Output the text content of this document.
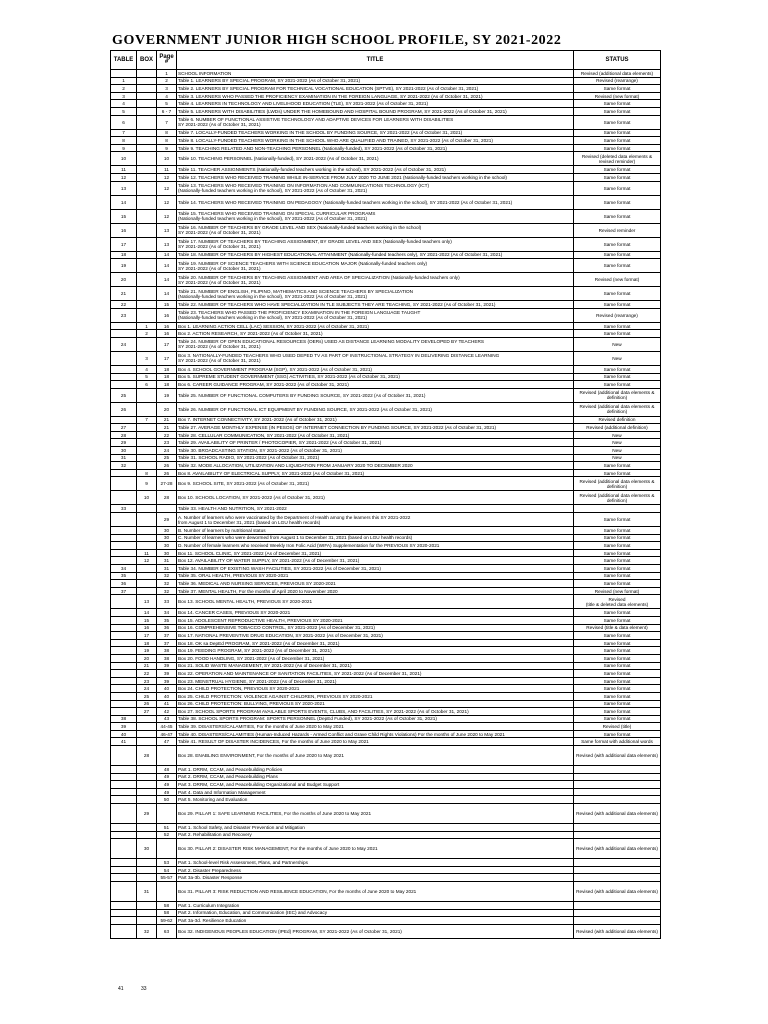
GOVERNMENT JUNIOR HIGH SCHOOL PROFILE, SY 2021-2022
TABLE	BOX	Page #	TITLE	STATUS
		1	SCHOOL INFORMATION	Revised (additional data elements)
1		2	Table 1. LEARNERS BY SPECIAL PROGRAM, SY 2021-2022 (As of October 31, 2021)	Revised (rearrange)
2		3	Table 2. LEARNERS BY SPECIAL PROGRAM FOR TECHNICAL VOCATIONAL EDUCATION (SPTVE), SY 2021-2022 (As of October 31, 2021)	Same format
3		4	Table 3. LEARNERS WHO PASSED THE PROFICIENCY EXAMINATION IN THE FOREIGN LANGUAGE, SY 2021-2022 (As of October 31, 2021)	Revised (new format)
4		5	Table 4. LEARNERS IN TECHNOLOGY AND LIVELIHOOD EDUCATION (TLE), SY 2021-2022 (As of October 31, 2021)	Same format
5		6 - 7	Table 5. LEARNERS WITH DISABILITIES (LWDs) UNDER THE HOMEBOUND AND HOSPITAL BOUND PROGRAM, SY 2021-2022 (As of October 31, 2021)	Same format
6		7	Table 6. NUMBER OF FUNCTIONAL ASSISTIVE TECHNOLOGY AND ADAPTIVE DEVICES FOR LEARNERS WITH DISABILITIES
SY 2021-2022 (As of October 31, 2021)	Same format
7		8	Table 7. LOCALLY-FUNDED TEACHERS WORKING IN THE SCHOOL BY FUNDING SOURCE, SY 2021-2022 (As of October 31, 2021)	Same format
8		8	Table 8. LOCALLY-FUNDED TEACHERS WORKING IN THE SCHOOL WHO ARE QUALIFIED AND TRAINED, SY 2021-2022 (As of October 31, 2021)	Same format
9		9	Table 9. TEACHING RELATED AND NON-TEACHING PERSONNEL (Nationally-funded), SY 2021-2022 (As of October 31, 2021)	Same format
10		10	Table 10. TEACHING PERSONNEL (Nationally-funded), SY 2021-2022 (As of October 31, 2021)	Revised (deleted data elements & revised reminder)
11		11	Table 11. TEACHER ASSIGNMENTS (Nationally-funded teachers working in the school), SY 2021-2022 (As of October 31, 2021)	Same format
12		12	Table 12. TEACHERS WHO RECEIVED TRAINING WHILE IN-SERVICE FROM JULY 2020 TO JUNE 2021 (Nationally-funded teachers working in the school)	Same format
13		12	Table 13. TEACHERS WHO RECEIVED TRAINING ON INFORMATION AND COMMUNICATIONS TECHNOLOGY (ICT)
(Nationally-funded teachers working in the school), SY 2021-2022 (As of October 31, 2021)	Same format
14		12	Table 14. TEACHERS WHO RECEIVED TRAINING ON PEDAGOGY (Nationally-funded teachers working in the school), SY 2021-2022 (As of October 31, 2021)	Same format
15		12	Table 15. TEACHERS WHO RECEIVED TRAINING ON SPECIAL CURRICULAR PROGRAMS
(Nationally-funded teachers working in the school), SY 2021-2022 (As of October 31, 2021)	Same format
16		13	Table 16. NUMBER OF TEACHERS BY GRADE LEVEL AND SEX (Nationally-funded teachers working in the school)
SY 2021-2022 (As of October 31, 2021)	Revised reminder
17		13	Table 17. NUMBER OF TEACHERS BY TEACHING ASSIGNMENT, BY GRADE LEVEL AND SEX (Nationally-funded teachers only)
SY 2021-2022 (As of October 31, 2021)	Same format
18		14	Table 18. NUMBER OF TEACHERS BY HIGHEST EDUCATIONAL ATTAINMENT (Nationally-funded teachers only), SY 2021-2022 (As of October 31, 2021)	Same format
19		14	Table 19. NUMBER OF SCIENCE TEACHERS WITH SCIENCE EDUCATION MAJOR (Nationally-funded teachers only)
SY 2021-2022 (As of October 31, 2021)	Same format
20		14	Table 20. NUMBER OF TEACHERS BY TEACHING ASSIGNMENT AND AREA OF SPECIALIZATION (Nationally-funded teachers only)
SY 2021-2022 (As of October 31, 2021)	Revised (new format)
21		14	Table 21. NUMBER OF ENGLISH, FILIPINO, MATHEMATICS AND SCIENCE TEACHERS BY SPECIALIZATION
(Nationally-funded teachers working in the school), SY 2021-2022 (As of October 31, 2021)	Same format
22		15	Table 22. NUMBER OF TEACHERS WHO HAVE SPECIALIZATION IN TLE SUBJECTS THEY ARE TEACHING, SY 2021-2022 (As of October 31, 2021)	Same format
23		16	Table 23. TEACHERS WHO PASSED THE PROFICIENCY EXAMINATION IN THE FOREIGN LANGUAGE TAUGHT
(Nationally-funded teachers working in the school), SY 2021-2022 (As of October 31, 2021)	Revised (rearrange)
	1	16	Box 1. LEARNING ACTION CELL (LAC) SESSION, SY 2021-2022 (As of October 31, 2021)	Same format
	2	16	Box 2. ACTION RESEARCH, SY 2021-2022 (As of October 31, 2021)	Same format
24		17	Table 24. NUMBER OF OPEN EDUCATIONAL RESOURCES (OERs) USED AS DISTANCE LEARNING MODALITY DEVELOPED BY TEACHERS
SY 2021-2022 (As of October 31, 2021)	New
	3	17	Box 3. NATIONALLY-FUNDED TEACHERS WHO USED DEPED TV AS PART OF INSTRUCTIONAL STRATEGY IN DELIVERING DISTANCE LEARNING
SY 2021-2022 (As of October 31, 2021)	New
	4	18	Box 4. SCHOOL GOVERNMENT PROGRAM (SGP), SY 2021-2022 (As of October 31, 2021)	Same format
	5	18	Box 5. SUPREME STUDENT GOVERNMENT (SSG) ACTIVITIES, SY 2021-2022 (As of October 31, 2021)	Same format
	6	18	Box 6. CAREER GUIDANCE PROGRAM, SY 2021-2022 (As of October 31, 2021)	Same format
25		19	Table 25. NUMBER OF FUNCTIONAL COMPUTERS BY FUNDING SOURCE, SY 2021-2022 (As of October 31, 2021)	Revised (additional data elements & definition)
26		20	Table 26. NUMBER OF FUNCTIONAL ICT EQUIPMENT BY FUNDING SOURCE, SY 2021-2022 (As of October 31, 2021)	Revised (additional data elements & definition)
	7	21	Box 7. INTERNET CONNECTIVITY, SY 2021-2022 (As of October 31, 2021)	Revised definition
27		21	Table 27. AVERAGE MONTHLY EXPENSE (IN PESOS) OF INTERNET CONNECTION BY FUNDING SOURCE, SY 2021-2022 (As of October 31, 2021)	Revised (additional definition)
28		22	Table 28. CELLULAR COMMUNICATION, SY 2021-2022 (As of October 31, 2021)	New
29		23	Table 29. AVAILABILITY OF PRINTER / PHOTOCOPIER, SY 2021-2022 (As of October 31, 2021)	New
30		24	Table 30. BROADCASTING STATION, SY 2021-2022 (As of October 31, 2021)	New
31		25	Table 31. SCHOOL RADIO, SY 2021-2022 (As of October 31, 2021)	New
32		26	Table 32. MODE ALLOCATION, UTILIZATION AND LIQUIDATION FROM JANUARY 2020 TO DECEMBER 2020	Same format
	8	26	Box 8. AVAILABILITY OF ELECTRICAL SUPPLY, SY 2021-2022 (As of October 31, 2021)	Same format
	9	27-28	Box 9. SCHOOL SITE, SY 2021-2022 (As of October 31, 2021)	Revised (additional data elements & definition)
	10	28	Box 10. SCHOOL LOCATION, SY 2021-2022 (As of October 31, 2021)	Revised (additional data elements & definition)
33			Table 33. HEALTH AND NUTRITION, SY 2021-2022	
		29	A. Number of learners who were vaccinated by the Department of Health among the learners this SY 2021-2022
from August 1 to December 31, 2021 (based on LGU health records)	Same format
		30	B. Number of learners by nutritional status	Same format
		30	C. Number of learners who were dewormed from August 1 to December 31, 2021 (based on LGU health records)	Same format
		30	D. Number of female learners who received Weekly Iron Folic Acid (WIFA) Supplementation for the PREVIOUS SY 2020-2021	Same format
	11	30	Box 11. SCHOOL CLINIC, SY 2021-2022 (As of December 31, 2021)	Same format
	12	31	Box 12. AVAILABILITY OF WATER SUPPLY, SY 2021-2022 (As of December 31, 2021)	Same format
34		31	Table 34. NUMBER OF EXISTING WASH FACILITIES, SY 2021-2022 (As of December 31, 2021)	Same format
35		32	Table 35. ORAL HEALTH, PREVIOUS SY 2020-2021	Same format
36		32	Table 36. MEDICAL AND NURSING SERVICES, PREVIOUS SY 2020-2021	Same format
37		32	Table 37. MENTAL HEALTH, For the months of April 2020 to November 2020	Revised (new format)
	13	33	Box 13. SCHOOL MENTAL HEALTH, PREVIOUS SY 2020-2021	Revised
(title & deleted data elements)
	14	34	Box 14. CANCER CASES, PREVIOUS SY 2020-2021	Same format
	15	35	Box 15. ADOLESCENT REPRODUCTIVE HEALTH, PREVIOUS SY 2020-2021	Same format
	16	36	Box 16. COMPREHENSIVE TOBACCO CONTROL, SY 2021-2022 (As of December 31, 2021)	Revised (title & data element)
	17	37	Box 17. NATIONAL PREVENTIVE DRUG EDUCATION, SY 2021-2022 (As of December 31, 2021)	Same format
	18	37	Box 18. OK sa DepEd PROGRAM, SY 2021-2022 (As of December 31, 2021)	Same format
	19	38	Box 19. FEEDING PROGRAM, SY 2021-2022 (As of December 31, 2021)	Same format
	20	38	Box 20. FOOD HANDLING, SY 2021-2022 (As of December 31, 2021)	Same format
	21	39	Box 21. SOLID WASTE MANAGEMENT, SY 2021-2022 (As of December 31, 2021)	Same format
	22	39	Box 22. OPERATION AND MAINTENANCE OF SANITATION FACILITIES, SY 2021-2022 (As of December 31, 2021)	Same format
	23	39	Box 23. MENSTRUAL HYGIENE, SY 2021-2022 (As of December 31, 2021)	Same format
	24	40	Box 24. CHILD PROTECTION, PREVIOUS SY 2020-2021	Same format
	25	40	Box 25. CHILD PROTECTION: VIOLENCE AGAINST CHILDREN, PREVIOUS SY 2020-2021	Same format
	26	41	Box 26. CHILD PROTECTION: BULLYING, PREVIOUS SY 2020-2021	Same format
	27	42	Box 27. SCHOOL SPORTS PROGRAM AVAILABLE SPORTS EVENTS, CLUBS, AND FACILITIES, SY 2021-2022 (As of October 31, 2021)	Same format
38		43	Table 38. SCHOOL SPORTS PROGRAM: SPORTS PERSONNEL (DepEd Funded), SY 2021-2022 (As of October 31, 2021)	Same format
39		44-45	Table 39. DISASTERS/CALAMITIES, For the months of June 2020 to May 2021	Revised (title)
40		46-47	Table 40. DISASTERS/CALAMITIES (Human-Induced Hazards - Armed Conflict and Grave Child Rights Violations) For the months of June 2020 to May 2021	Same format
41		47	Table 41. RESULT OF DISASTER INCIDENCES, For the months of June 2020 to May 2021	Same format with additional words
	28		Box 28. ENABLING ENVIRONMENT, For the months of June 2020 to May 2021	Revised (with additional data elements)
		48	Part 1. DRRM, CCAM, and Peacebuilding Policies	
		49	Part 2. DRRM, CCAM, and Peacebuilding Plans	
		49	Part 3. DRRM, CCAM, and Peacebuilding Organizational and Budget Support	
		49	Part 4. Data and Information Management	
		50	Part 5. Monitoring and Evaluation	
	29		Box 29. PILLAR 1: SAFE LEARNING FACILITIES, For the months of June 2020 to May 2021	Revised (with additional data elements)
		51	Part 1. School Safety, and Disaster Prevention and Mitigation	
		52	Part 2. Rehabilitation and Recovery	
	30		Box 30. PILLAR 2: DISASTER RISK MANAGEMENT, For the months of June 2020 to May 2021	Revised (with additional data elements)
		53	Part 1. School-level Risk Assessment, Plans, and Partnerships	
		54	Part 2. Disaster Preparedness	
		55-57	Part 3a-3b. Disaster Response	
	31		Box 31. PILLAR 3: RISK REDUCTION AND RESILIENCE EDUCATION, For the months of June 2020 to May 2021	Revised (with additional data elements)
		58	Part 1. Curriculum Integration	
		58	Part 2. Information, Education, and Communication (IEC) and Advocacy	
		59-62	Part 3a-3d. Resilience Education	
	32	63	Box 32. INDIGENOUS PEOPLES EDUCATION (IPEd) PROGRAM, SY 2021-2022 (As of October 31, 2021)	Revised (with additional data elements)
41	33
